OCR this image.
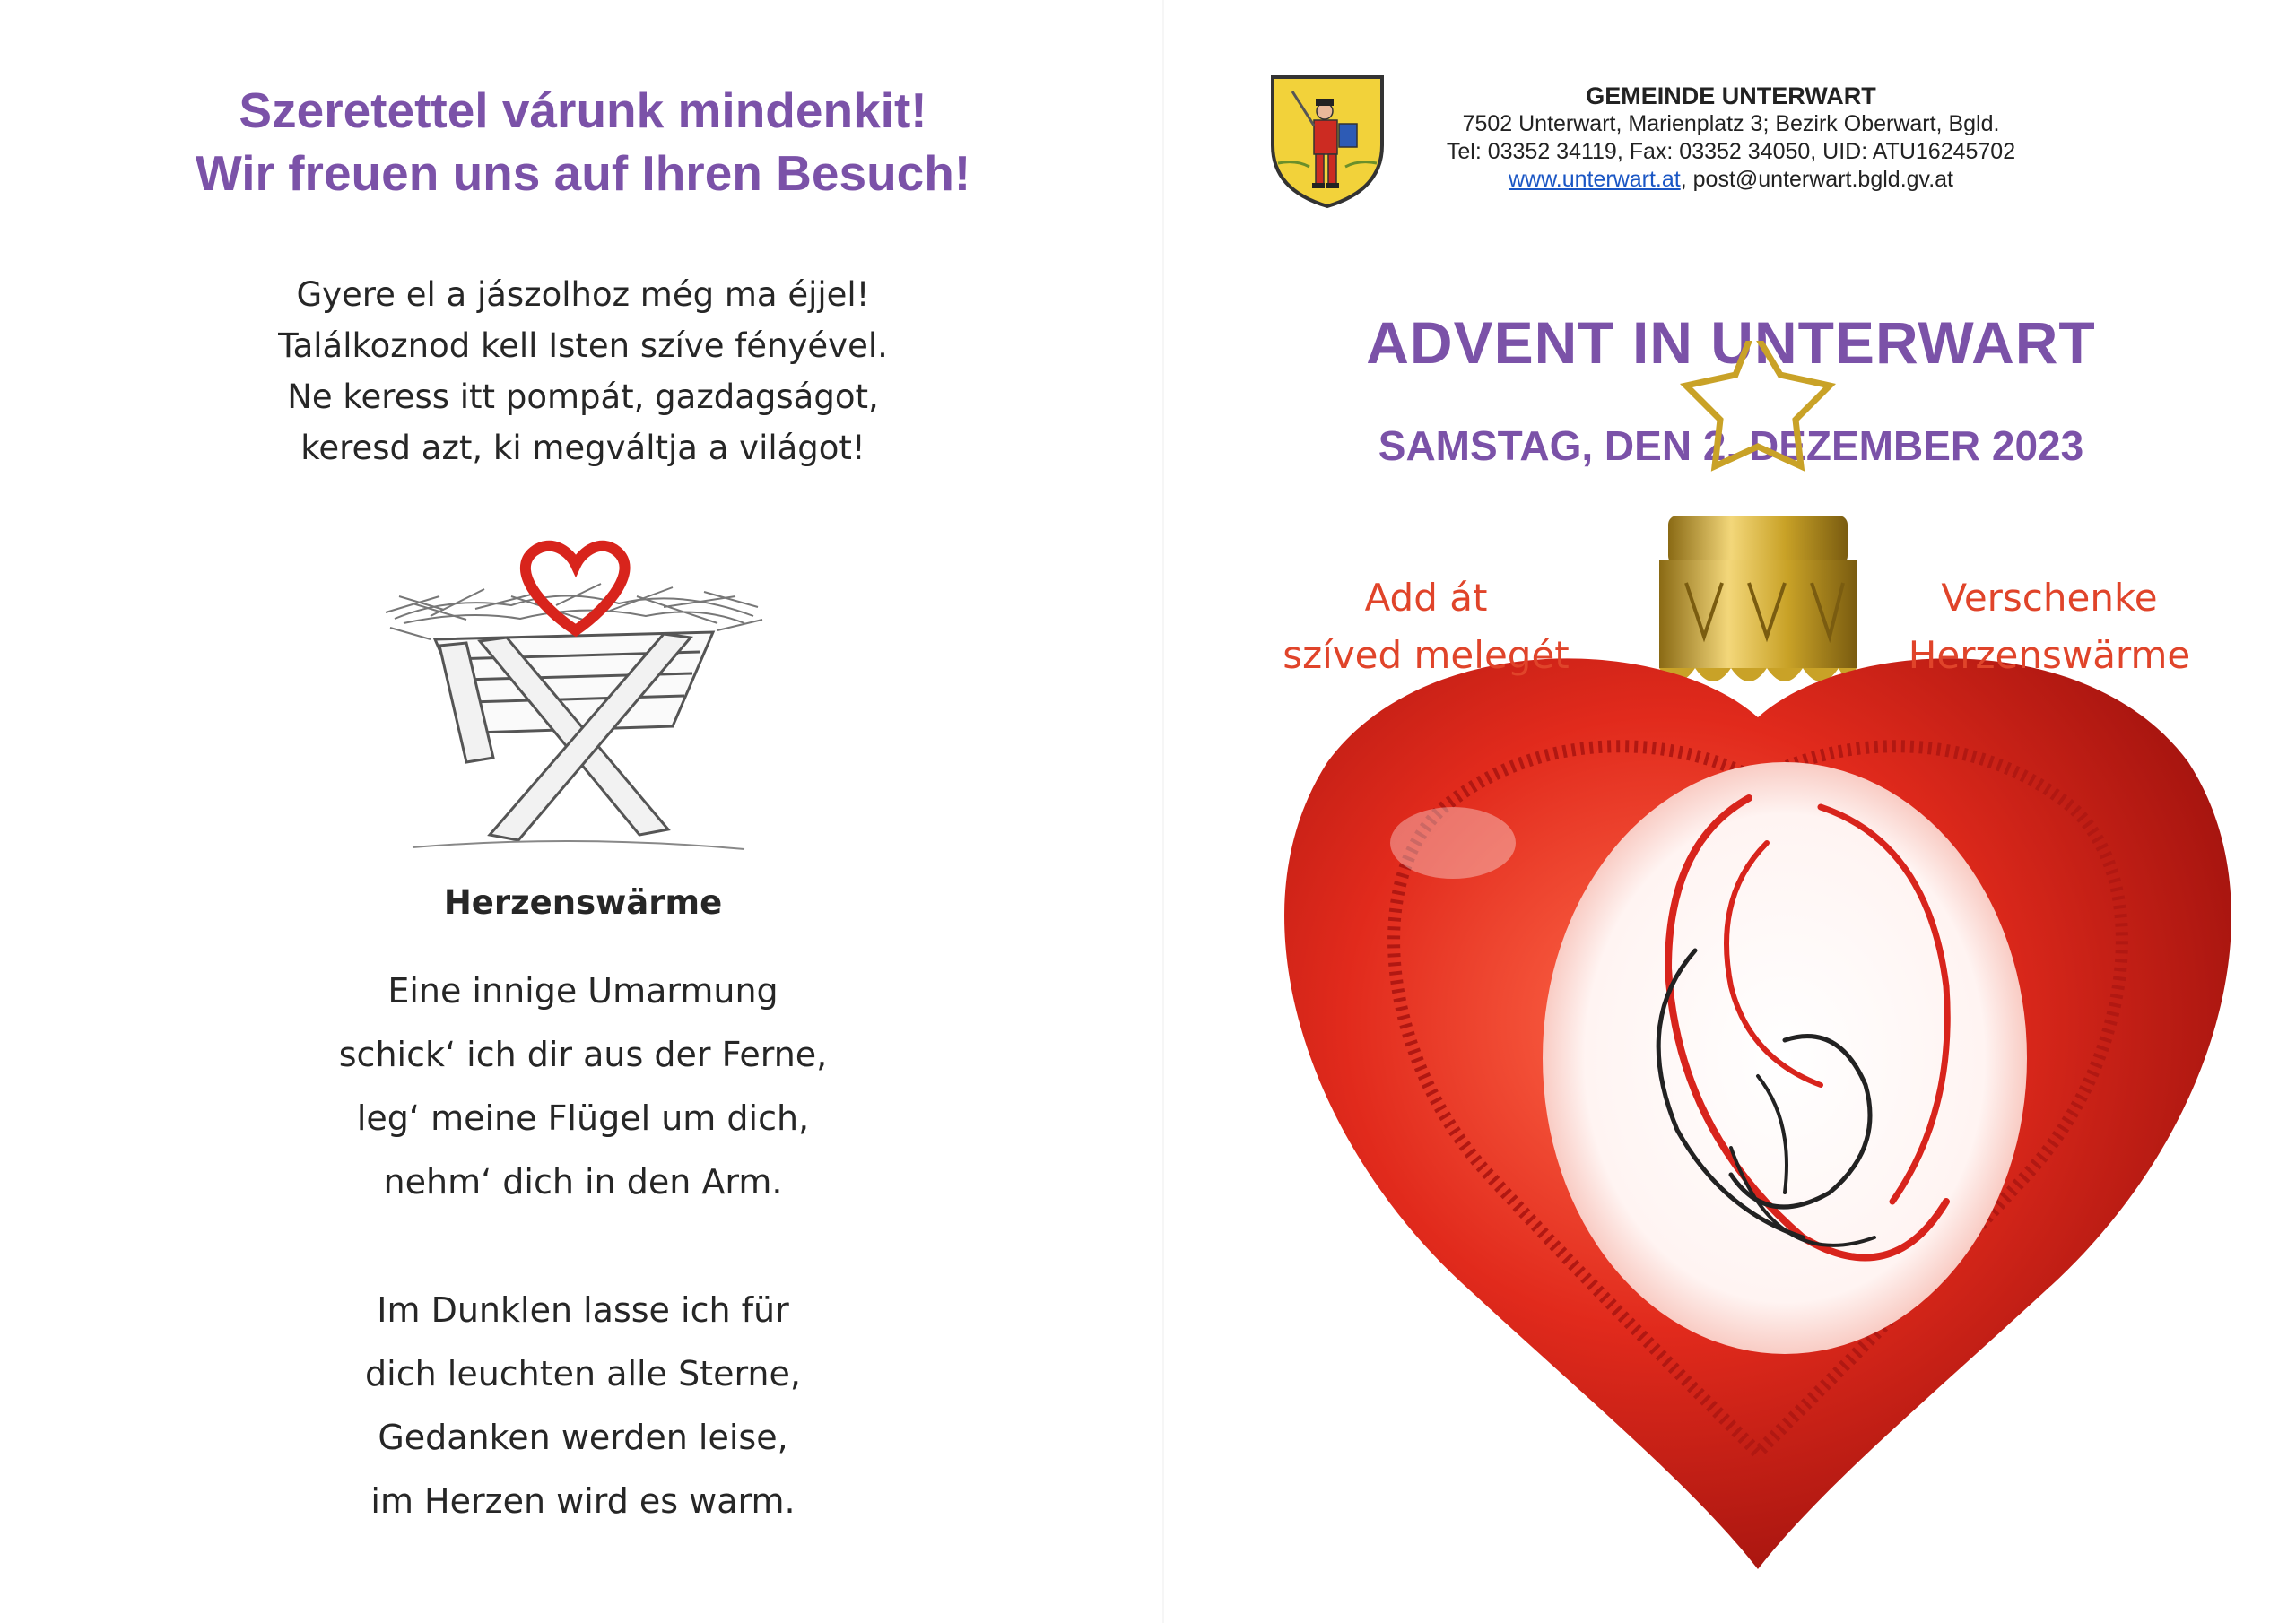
Szeretettel várunk mindenkit!
Wir freuen uns auf Ihren Besuch!
Gyere el a jászolhoz még ma éjjel!
Találkoznod kell Isten szíve fényével.
Ne keress itt pompát, gazdagságot,
keresd azt, ki megváltja a világot!
Herzenswärme
Eine innige Umarmung
schick‘ ich dir aus der Ferne,
leg‘ meine Flügel um dich,
nehm‘ dich in den Arm.
Im Dunklen lasse ich für
dich leuchten alle Sterne,
Gedanken werden leise,
im Herzen wird es warm.
GEMEINDE UNTERWART
7502 Unterwart, Marienplatz 3; Bezirk Oberwart, Bgld.
Tel: 03352 34119, Fax: 03352 34050, UID: ATU16245702
www.unterwart.at, post@unterwart.bgld.gv.at
ADVENT IN UNTERWART
SAMSTAG, DEN 2. DEZEMBER 2023
Add át
szíved melegét
Verschenke
Herzenswärme
